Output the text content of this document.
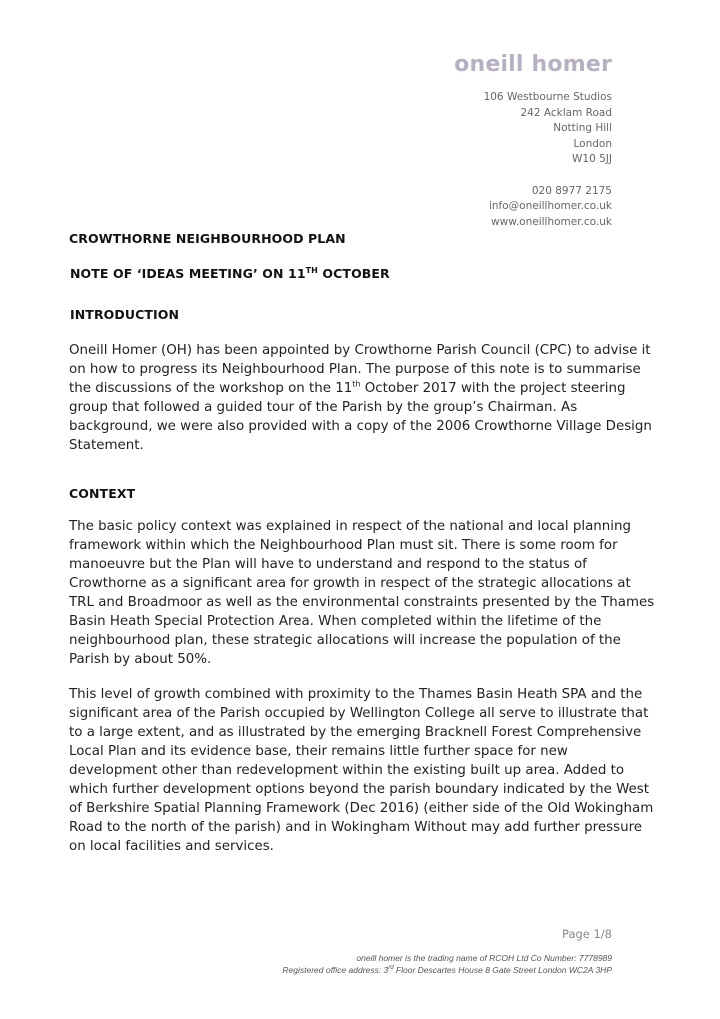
oneill homer
106 Westbourne Studios
242 Acklam Road
Notting Hill
London
W10 5JJ
020 8977 2175
info@oneillhomer.co.uk
www.oneillhomer.co.uk
CROWTHORNE NEIGHBOURHOOD PLAN
NOTE OF ‘IDEAS MEETING’ ON 11TH OCTOBER
INTRODUCTION
Oneill Homer (OH) has been appointed by Crowthorne Parish Council (CPC) to advise it on how to progress its Neighbourhood Plan. The purpose of this note is to summarise the discussions of the workshop on the 11th October 2017 with the project steering group that followed a guided tour of the Parish by the group’s Chairman. As background, we were also provided with a copy of the 2006 Crowthorne Village Design Statement.
CONTEXT
The basic policy context was explained in respect of the national and local planning framework within which the Neighbourhood Plan must sit. There is some room for manoeuvre but the Plan will have to understand and respond to the status of Crowthorne as a significant area for growth in respect of the strategic allocations at TRL and Broadmoor as well as the environmental constraints presented by the Thames Basin Heath Special Protection Area. When completed within the lifetime of the neighbourhood plan, these strategic allocations will increase the population of the Parish by about 50%.
This level of growth combined with proximity to the Thames Basin Heath SPA and the significant area of the Parish occupied by Wellington College all serve to illustrate that to a large extent, and as illustrated by the emerging Bracknell Forest Comprehensive Local Plan and its evidence base, their remains little further space for new development other than redevelopment within the existing built up area. Added to which further development options beyond the parish boundary indicated by the West of Berkshire Spatial Planning Framework (Dec 2016) (either side of the Old Wokingham Road to the north of the parish) and in Wokingham Without may add further pressure on local facilities and services.
Page 1/8
oneill homer is the trading name of RCOH Ltd Co Number: 7778989
Registered office address: 3rd Floor Descartes House 8 Gate Street London WC2A 3HP
